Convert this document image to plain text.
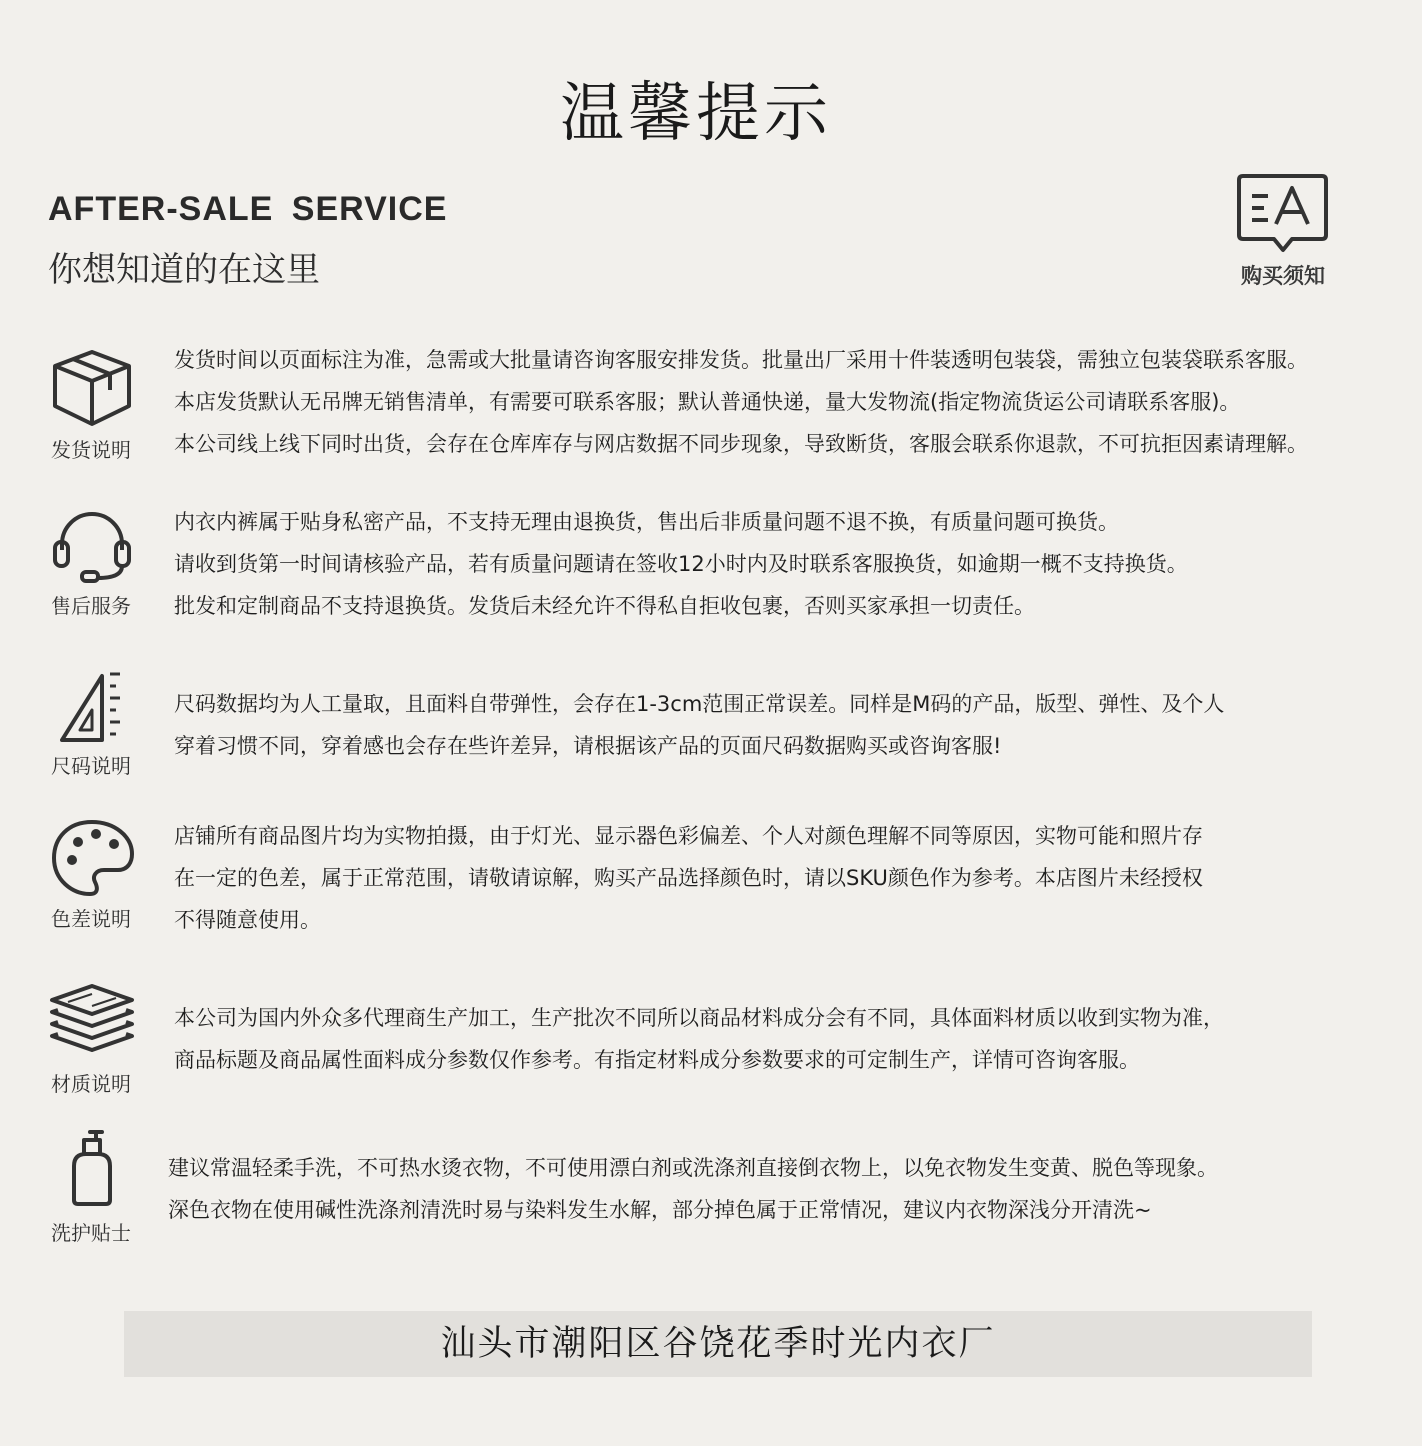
温馨提示
AFTER-SALE SERVICE
你想知道的在这里	购买须知
发货说明
发货时间以页面标注为准，急需或大批量请咨询客服安排发货。批量出厂采用十件装透明包装袋，需独立包装袋联系客服。
本店发货默认无吊牌无销售清单，有需要可联系客服；默认普通快递，量大发物流(指定物流货运公司请联系客服)。
本公司线上线下同时出货，会存在仓库库存与网店数据不同步现象，导致断货，客服会联系你退款，不可抗拒因素请理解。
售后服务
内衣内裤属于贴身私密产品，不支持无理由退换货，售出后非质量问题不退不换，有质量问题可换货。
请收到货第一时间请核验产品，若有质量问题请在签收12小时内及时联系客服换货，如逾期一概不支持换货。
批发和定制商品不支持退换货。发货后未经允许不得私自拒收包裹，否则买家承担一切责任。
尺码说明
尺码数据均为人工量取，且面料自带弹性，会存在1-3cm范围正常误差。同样是M码的产品，版型、弹性、及个人
穿着习惯不同，穿着感也会存在些许差异，请根据该产品的页面尺码数据购买或咨询客服!
色差说明
店铺所有商品图片均为实物拍摄，由于灯光、显示器色彩偏差、个人对颜色理解不同等原因，实物可能和照片存
在一定的色差，属于正常范围，请敬请谅解，购买产品选择颜色时，请以SKU颜色作为参考。本店图片未经授权
不得随意使用。
材质说明
本公司为国内外众多代理商生产加工，生产批次不同所以商品材料成分会有不同，具体面料材质以收到实物为准，
商品标题及商品属性面料成分参数仅作参考。有指定材料成分参数要求的可定制生产，详情可咨询客服。
洗护贴士
建议常温轻柔手洗，不可热水烫衣物，不可使用漂白剂或洗涤剂直接倒衣物上，以免衣物发生变黄、脱色等现象。
深色衣物在使用碱性洗涤剂清洗时易与染料发生水解，部分掉色属于正常情况，建议内衣物深浅分开清洗~
汕头市潮阳区谷饶花季时光内衣厂
